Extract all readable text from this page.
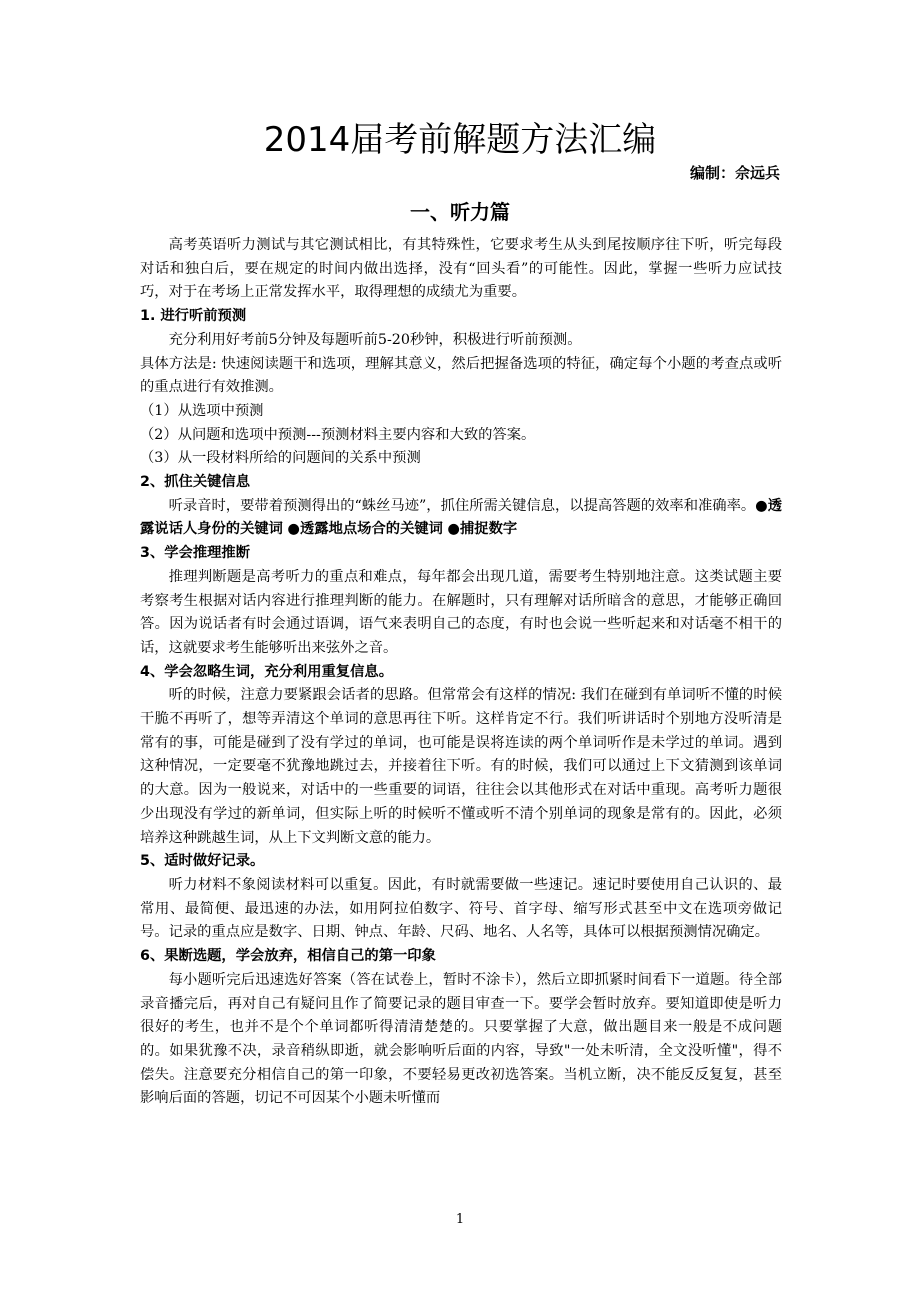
2014届考前解题方法汇编
编制：佘远兵
一、听力篇

高考英语听力测试与其它测试相比，有其特殊性，它要求考生从头到尾按顺序往下听，听完每段对话和独白后，要在规定的时间内做出选择，没有“回头看”的可能性。因此，掌握一些听力应试技巧，对于在考场上正常发挥水平，取得理想的成绩尤为重要。

1. 进行听前预测

充分利用好考前5分钟及每题听前5-20秒钟，积极进行听前预测。

具体方法是: 快速阅读题干和选项，理解其意义，然后把握备选项的特征，确定每个小题的考查点或听的重点进行有效推测。

（1）从选项中预测

（2）从问题和选项中预测---预测材料主要内容和大致的答案。

（3）从一段材料所给的问题间的关系中预测

2、抓住关键信息

听录音时，要带着预测得出的“蛛丝马迹”，抓住所需关键信息，以提高答题的效率和准确率。●透露说话人身份的关键词 ●透露地点场合的关键词 ●捕捉数字

3、学会推理推断

推理判断题是高考听力的重点和难点，每年都会出现几道，需要考生特别地注意。这类试题主要考察考生根据对话内容进行推理判断的能力。在解题时，只有理解对话所暗含的意思，才能够正确回答。因为说话者有时会通过语调，语气来表明自己的态度，有时也会说一些听起来和对话毫不相干的话，这就要求考生能够听出来弦外之音。

4、学会忽略生词，充分利用重复信息。

听的时候，注意力要紧跟会话者的思路。但常常会有这样的情况: 我们在碰到有单词听不懂的时候干脆不再听了，想等弄清这个单词的意思再往下听。这样肯定不行。我们听讲话时个别地方没听清是常有的事，可能是碰到了没有学过的单词，也可能是误将连读的两个单词听作是未学过的单词。遇到这种情况，一定要毫不犹豫地跳过去，并接着往下听。有的时候，我们可以通过上下文猜测到该单词的大意。因为一般说来，对话中的一些重要的词语，往往会以其他形式在对话中重现。高考听力题很少出现没有学过的新单词，但实际上听的时候听不懂或听不清个别单词的现象是常有的。因此，必须培养这种跳越生词，从上下文判断文意的能力。

5、适时做好记录。

听力材料不象阅读材料可以重复。因此，有时就需要做一些速记。速记时要使用自己认识的、最常用、最简便、最迅速的办法，如用阿拉伯数字、符号、首字母、缩写形式甚至中文在选项旁做记号。记录的重点应是数字、日期、钟点、年龄、尺码、地名、人名等，具体可以根据预测情况确定。

6、果断选题，学会放弃，相信自己的第一印象

每小题听完后迅速选好答案（答在试卷上，暂时不涂卡），然后立即抓紧时间看下一道题。待全部录音播完后，再对自己有疑问且作了简要记录的题目审查一下。要学会暂时放弃。要知道即使是听力很好的考生，也并不是个个单词都听得清清楚楚的。只要掌握了大意，做出题目来一般是不成问题的。如果犹豫不决，录音稍纵即逝，就会影响听后面的内容，导致"一处未听清，全文没听懂"，得不偿失。注意要充分相信自己的第一印象，不要轻易更改初选答案。当机立断，决不能反反复复，甚至影响后面的答题，切记不可因某个小题未听懂而

1
